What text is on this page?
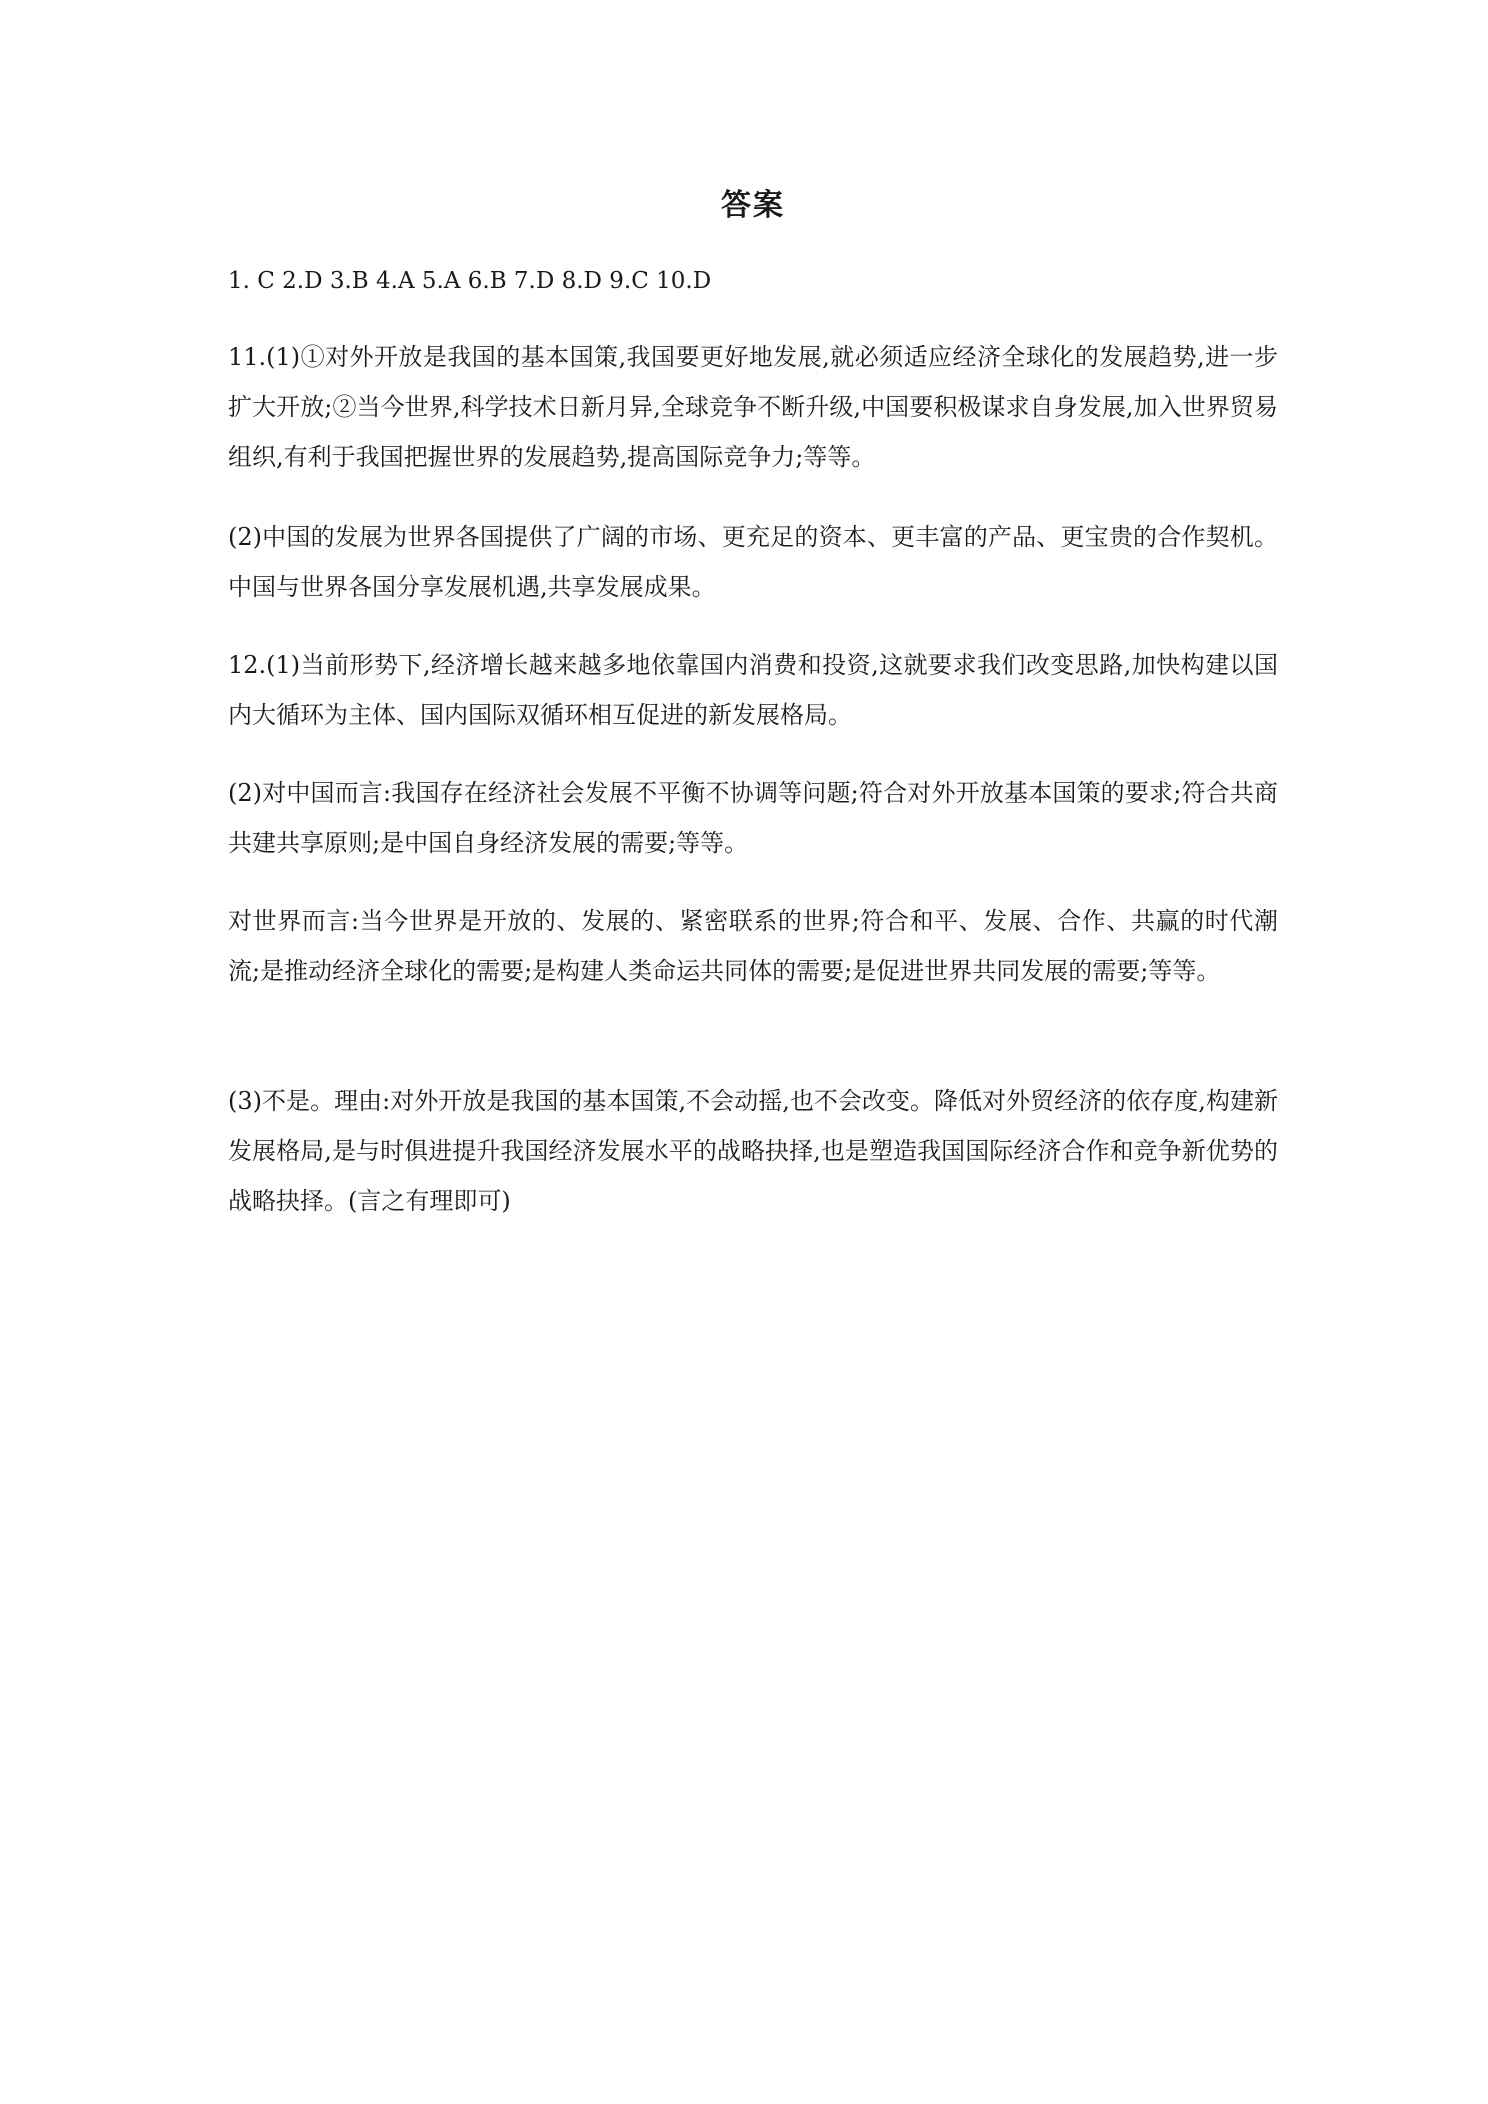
答案

1. C 2.D 3.B 4.A 5.A 6.B 7.D 8.D 9.C 10.D

11.(1)①对外开放是我国的基本国策,我国要更好地发展,就必须适应经济全球化的发展趋势,进一步扩大开放;②当今世界,科学技术日新月异,全球竞争不断升级,中国要积极谋求自身发展,加入世界贸易组织,有利于我国把握世界的发展趋势,提高国际竞争力;等等。

(2)中国的发展为世界各国提供了广阔的市场、更充足的资本、更丰富的产品、更宝贵的合作契机。中国与世界各国分享发展机遇,共享发展成果。

12.(1)当前形势下,经济增长越来越多地依靠国内消费和投资,这就要求我们改变思路,加快构建以国内大循环为主体、国内国际双循环相互促进的新发展格局。

(2)对中国而言:我国存在经济社会发展不平衡不协调等问题;符合对外开放基本国策的要求;符合共商共建共享原则;是中国自身经济发展的需要;等等。

对世界而言:当今世界是开放的、发展的、紧密联系的世界;符合和平、发展、合作、共赢的时代潮流;是推动经济全球化的需要;是构建人类命运共同体的需要;是促进世界共同发展的需要;等等。

(3)不是。理由:对外开放是我国的基本国策,不会动摇,也不会改变。降低对外贸经济的依存度,构建新发展格局,是与时俱进提升我国经济发展水平的战略抉择,也是塑造我国国际经济合作和竞争新优势的战略抉择。(言之有理即可)
